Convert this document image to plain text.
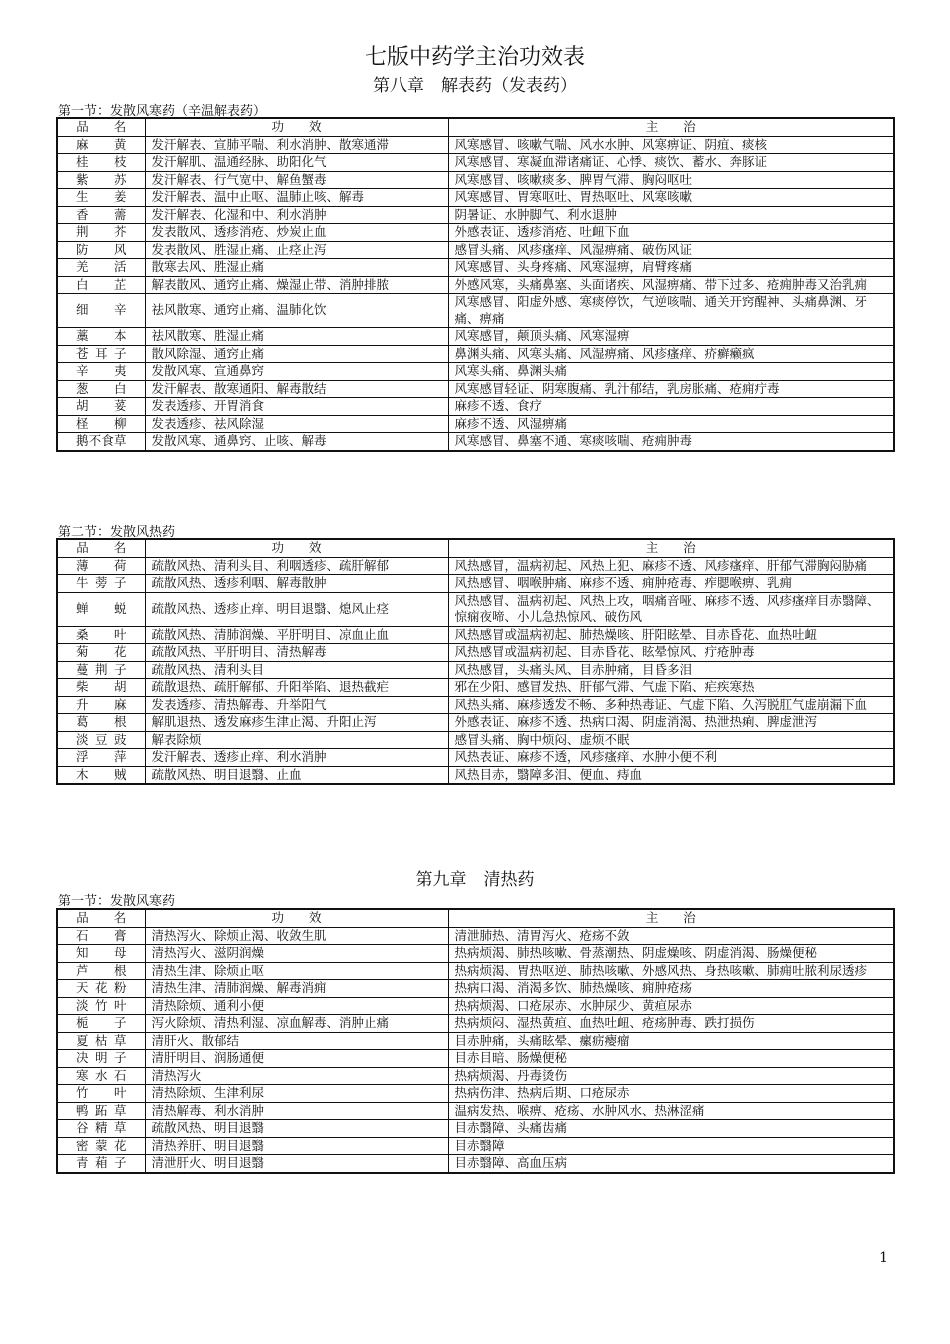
七版中药学主治功效表
第八章　解表药（发表药）
第一节：发散风寒药（辛温解表药）
品　　名	功　　效	主　　治
麻黄	发汗解表、宣肺平喘、利水消肿、散寒通滞	风寒感冒、咳嗽气喘、风水水肿、风寒痹证、阴疽、痰核
桂枝	发汗解肌、温通经脉、助阳化气	风寒感冒、寒凝血滞诸痛证、心悸、痰饮、蓄水、奔豚证
紫苏	发汗解表、行气宽中、解鱼蟹毒	风寒感冒、咳嗽痰多、脾胃气滞、胸闷呕吐
生姜	发汗解表、温中止呕、温肺止咳、解毒	风寒感冒、胃寒呕吐、胃热呕吐、风寒咳嗽
香薷	发汗解表、化湿和中、利水消肿	阴暑证、水肿脚气、利水退肿
荆芥	发表散风、透疹消疮、炒炭止血	外感表证、透疹消疮、吐衄下血
防风	发表散风、胜湿止痛、止痉止泻	感冒头痛、风疹瘙痒、风湿痹痛、破伤风证
羌活	散寒去风、胜湿止痛	风寒感冒、头身疼痛、风寒湿痹，肩臂疼痛
白芷	解表散风、通窍止痛、燥湿止带、消肿排脓	外感风寒，头痛鼻塞、头面诸疾、风湿痹痛、带下过多、疮痈肿毒又治乳痈
细辛	祛风散寒、通窍止痛、温肺化饮	风寒感冒、阳虚外感、寒痰停饮，气逆咳喘、通关开窍醒神、头痛鼻渊、牙痛、痹痛
藁本	祛风散寒、胜湿止痛	风寒感冒，颠顶头痛、风寒湿痹
苍耳子	散风除湿、通窍止痛	鼻渊头痛、风寒头痛、风湿痹痛、风疹瘙痒、疥癣癞疯
辛夷	发散风寒、宣通鼻窍	风寒头痛、鼻渊头痛
葱白	发汗解表、散寒通阳、解毒散结	风寒感冒轻证、阴寒腹痛、乳汁郁结，乳房胀痛、疮痈疔毒
胡荽	发表透疹、开胃消食	麻疹不透、食疗
柽柳	发表透疹、祛风除湿	麻疹不透、风湿痹痛
鹅不食草	发散风寒、通鼻窍、止咳、解毒	风寒感冒、鼻塞不通、寒痰咳喘、疮痈肿毒
第二节：发散风热药
品　　名	功　　效	主　　治
薄荷	疏散风热、清利头目、利咽透疹、疏肝解郁	风热感冒，温病初起、风热上犯、麻疹不透、风疹瘙痒、肝郁气滞胸闷胁痛
牛蒡子	疏散风热、透疹利咽、解毒散肿	风热感冒、咽喉肿痛、麻疹不透、痈肿疮毒、痄腮喉痹、乳痈
蝉蜕	疏散风热、透疹止痒、明目退翳、熄风止痉	风热感冒、温病初起、风热上攻，咽痛音哑、麻疹不透、风疹瘙痒目赤翳障、惊痫夜啼、小儿急热惊风、破伤风
桑叶	疏散风热、清肺润燥、平肝明目、凉血止血	风热感冒或温病初起、肺热燥咳、肝阳眩晕、目赤昏花、血热吐衄
菊花	疏散风热、平肝明目、清热解毒	风热感冒或温病初起、目赤昏花、眩晕惊风、疔疮肿毒
蔓荆子	疏散风热、清利头目	风热感冒，头痛头风、目赤肿痛，目昏多泪
柴胡	疏散退热、疏肝解郁、升阳举陷、退热截疟	邪在少阳、感冒发热、肝郁气滞、气虚下陷、疟疾寒热
升麻	发表透疹、清热解毒、升举阳气	风热头痛、麻疹透发不畅、多种热毒证、气虚下陷、久泻脱肛气虚崩漏下血
葛根	解肌退热、透发麻疹生津止渴、升阳止泻	外感表证、麻疹不透、热病口渴、阴虚消渴、热泄热痢、脾虚泄泻
淡豆豉	解表除烦	感冒头痛、胸中烦闷、虚烦不眠
浮萍	发汗解表、透疹止痒、利水消肿	风热表证、麻疹不透，风疹瘙痒、水肿小便不利
木贼	疏散风热、明目退翳、止血	风热目赤，翳障多泪、便血、痔血
第九章　清热药
第一节：发散风寒药
品　　名	功　　效	主　　治
石膏	清热泻火、除烦止渴、收敛生肌	清泄肺热、清胃泻火、疮疡不敛
知母	清热泻火、滋阴润燥	热病烦渴、肺热咳嗽、骨蒸潮热、阴虚燥咳、阴虚消渴、肠燥便秘
芦根	清热生津、除烦止呕	热病烦渴、胃热呕逆、肺热咳嗽、外感风热、身热咳嗽、肺痈吐脓利尿透疹
天花粉	清热生津、清肺润燥、解毒消痈	热病口渴、消渴多饮、肺热燥咳、痈肿疮疡
淡竹叶	清热除烦、通利小便	热病烦渴、口疮尿赤、水肿尿少、黄疸尿赤
栀子	泻火除烦、清热利湿、凉血解毒、消肿止痛	热病烦闷、湿热黄疸、血热吐衄、疮疡肿毒、跌打损伤
夏枯草	清肝火、散郁结	目赤肿痛，头痛眩晕、瘰疬瘿瘤
决明子	清肝明目、润肠通便	目赤目暗、肠燥便秘
寒水石	清热泻火	热病烦渴、丹毒烫伤
竹叶	清热除烦、生津利尿	热病伤津、热病后期、口疮尿赤
鸭跖草	清热解毒、利水消肿	温病发热、喉痹、疮疡、水肿风水、热淋涩痛
谷精草	疏散风热、明目退翳	目赤翳障、头痛齿痛
密蒙花	清热养肝、明目退翳	目赤翳障
青葙子	清泄肝火、明目退翳	目赤翳障、高血压病
1
